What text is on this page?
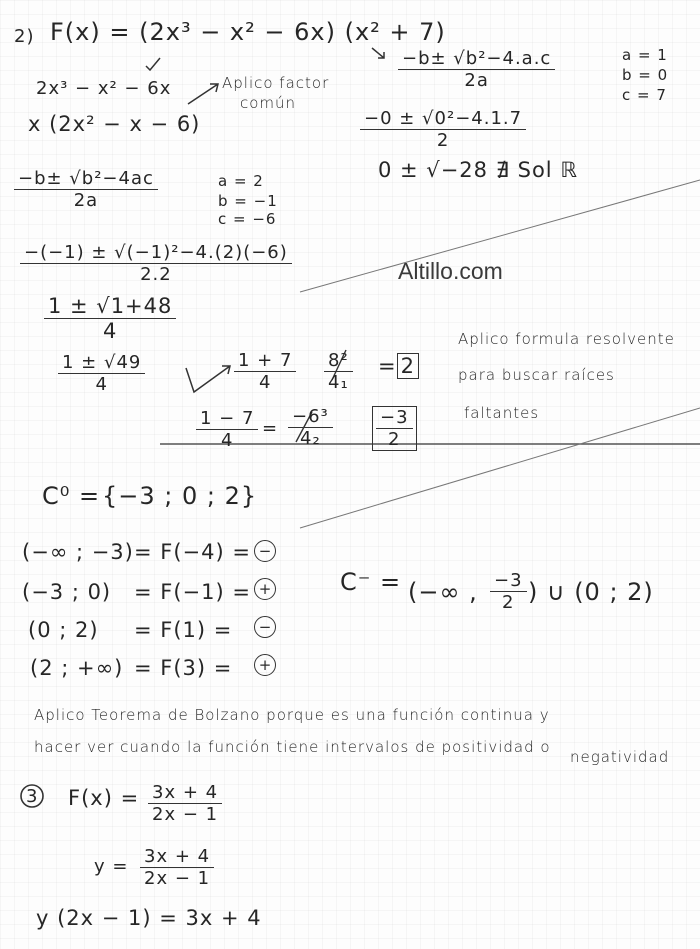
Altillo.com
2) F(x) = (2x³ − x² − 6x) (x² + 7)
2x³ − x² − 6x	Aplico factor
común
x (2x² − x − 6)
$\frac{\text{−b± √b²−4ac}}{2a}$	a = 2
b = −1
c = −6
$\frac{\text{−(−1) ± √(−1)²−4.(2)(−6)}}{2.2}$
$\frac{1 \pm √1+48}{4}$
$\frac{1 \pm √49}{4}$	$\frac{1 + 7}{4} \frac{\text{8²}}{\text{4₁}} = 2$
$\frac{1 - 7}{4} = \frac{\text{−6³}}{\text{4₂}} \frac{-3}{2}$
$\frac{\text{−b± √b²−4.a.c}}{2a}$	a = 1
b = 0
c = 7
$\frac{\text{−0 ± √0²−4.1.7}}{2}$
0 ± √−28 ∄ Sol ℝ
Aplico formula resolvente
para buscar raíces
faltantes
C⁰ = {−3 ; 0 ; 2}
(−∞ ; −3) = F(−4) = −
(−3 ; 0) = F(−1) = +
(0 ; 2) = F(1) =	−
(2 ; +∞) = F(3) =	+
C⁻ = (−∞ , $\frac{-3}{2}$ ) ∪ (0 ; 2)
Aplico Teorema de Bolzano porque es una función continua y
hacer ver cuando la función tiene intervalos de positividad o
negatividad
3 $F(x) = \frac{3x + 4}{2x - 1}$
$y = \frac{3x + 4}{2x - 1}$
y (2x − 1) = 3x + 4
